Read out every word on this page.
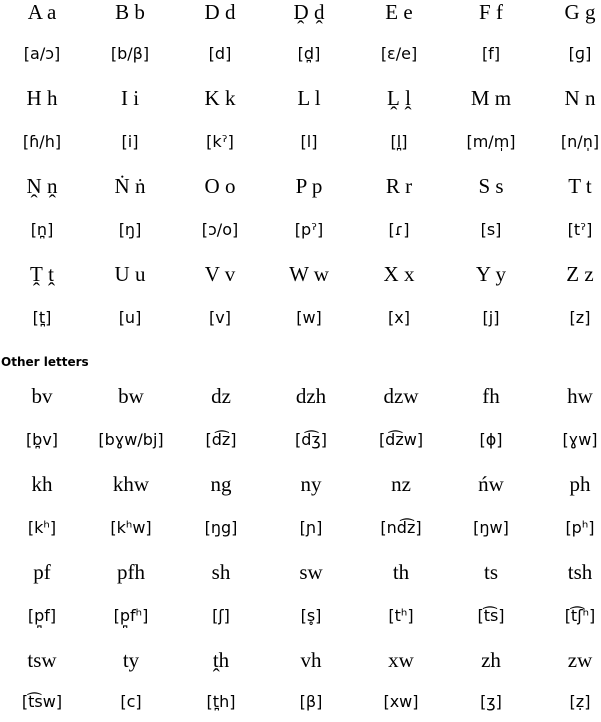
A a	B b	D d	Ḓ ḓ	E e	F f	G g
[a/ɔ]	[b/β]	[d]	[d̪]	[ɛ/e]	[f]	[ɡ]
H h	I i	K k	L l	Ḽ ḽ	M m	N n
[ɦ/h]	[i]	[kˀ]	[l]	[l̪]	[m/m̩]	[n/n̩]
Ṋ ṋ	Ṅ ṅ	O o	P p	R r	S s	T t
[n̪]	[ŋ]	[ɔ/o]	[pˀ]	[ɾ]	[s]	[tˀ]
Ṱ ṱ	U u	V v	W w	X x	Y y	Z z
[t̪]	[u]	[v]	[w]	[x]	[j]	[z]
Other letters
bv	bw	dz	dzh	dzw	fh	hw
[b̪v]	[bɣw/bj]	[d͡z]	[d͡ʒ]	[d͡zw]	[ɸ]	[ɣw]
kh	khw	ng	ny	nz	ńw	ph
[kʰ]	[kʰw]	[ŋg]	[ɲ]	[nd͡z]	[ŋw]	[pʰ]
pf	pfh	sh	sw	th	ts	tsh
[p̪f]	[p̪fʰ]	[ʃ]	[s̥]	[tʰ]	[t͡s]	[t͡ʃʰ]
tsw	ty	ṱh	vh	xw	zh	zw
[t͡sw]	[c]	[t̪h]	[β]	[xw]	[ʒ]	[ẓ]
